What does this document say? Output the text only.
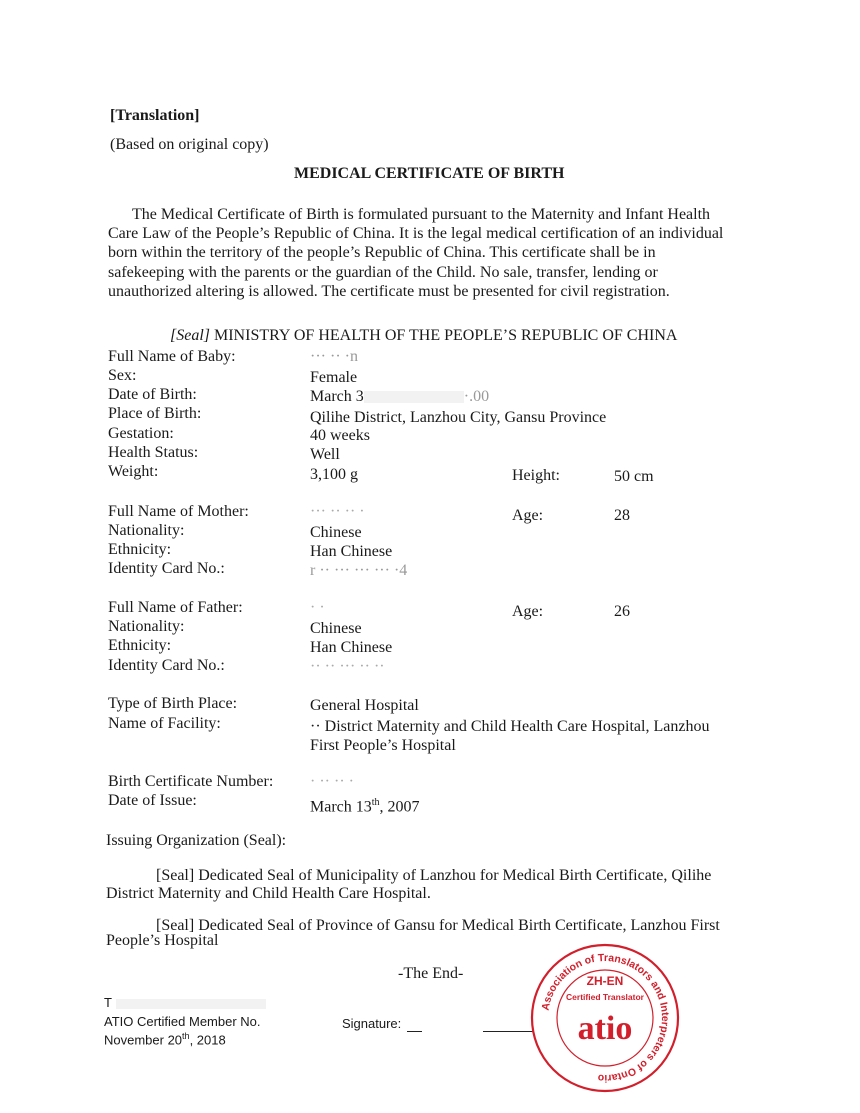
[Translation]
(Based on original copy)
MEDICAL CERTIFICATE OF BIRTH
The Medical Certificate of Birth is formulated pursuant to the Maternity and Infant Health
Care Law of the People’s Republic of China. It is the legal medical certification of an individual
born within the territory of the people’s Republic of China. This certificate shall be in
safekeeping with the parents or the guardian of the Child. No sale, transfer, lending or
unauthorized altering is allowed. The certificate must be presented for civil registration.
[Seal] MINISTRY OF HEALTH OF THE PEOPLE’S REPUBLIC OF CHINA
Full Name of Baby:	··· ·· ·n
Sex:	Female
Date of Birth:	March 3	·.00
Place of Birth:	Qilihe District, Lanzhou City, Gansu Province
Gestation:	40 weeks
Health Status:	Well
Weight:	3,100 g	Height:	50 cm
Full Name of Mother:	··· ·· ·· ·	Age:	28
Nationality:	Chinese
Ethnicity:	Han Chinese
Identity Card No.:	r ·· ··· ··· ··· ·4
Full Name of Father:	· ·	Age:	26
Nationality:	Chinese
Ethnicity:	Han Chinese
Identity Card No.:	·· ·· ··· ·· ··
Type of Birth Place:	General Hospital
Name of Facility:	·· District Maternity and Child Health Care Hospital, Lanzhou
First People’s Hospital
Birth Certificate Number: · ·· ·· ·
Date of Issue:	March 13th, 2007
Issuing Organization (Seal):
[Seal] Dedicated Seal of Municipality of Lanzhou for Medical Birth Certificate, Qilihe
District Maternity and Child Health Care Hospital.
[Seal] Dedicated Seal of Province of Gansu for Medical Birth Certificate, Lanzhou First
People’s Hospital
-The End-
T
ATIO Certified Member No.
November 20th, 2018
Signature:
Association of Translators and Interpreters of Ontario
ZH-EN
Certified Translator
atio
